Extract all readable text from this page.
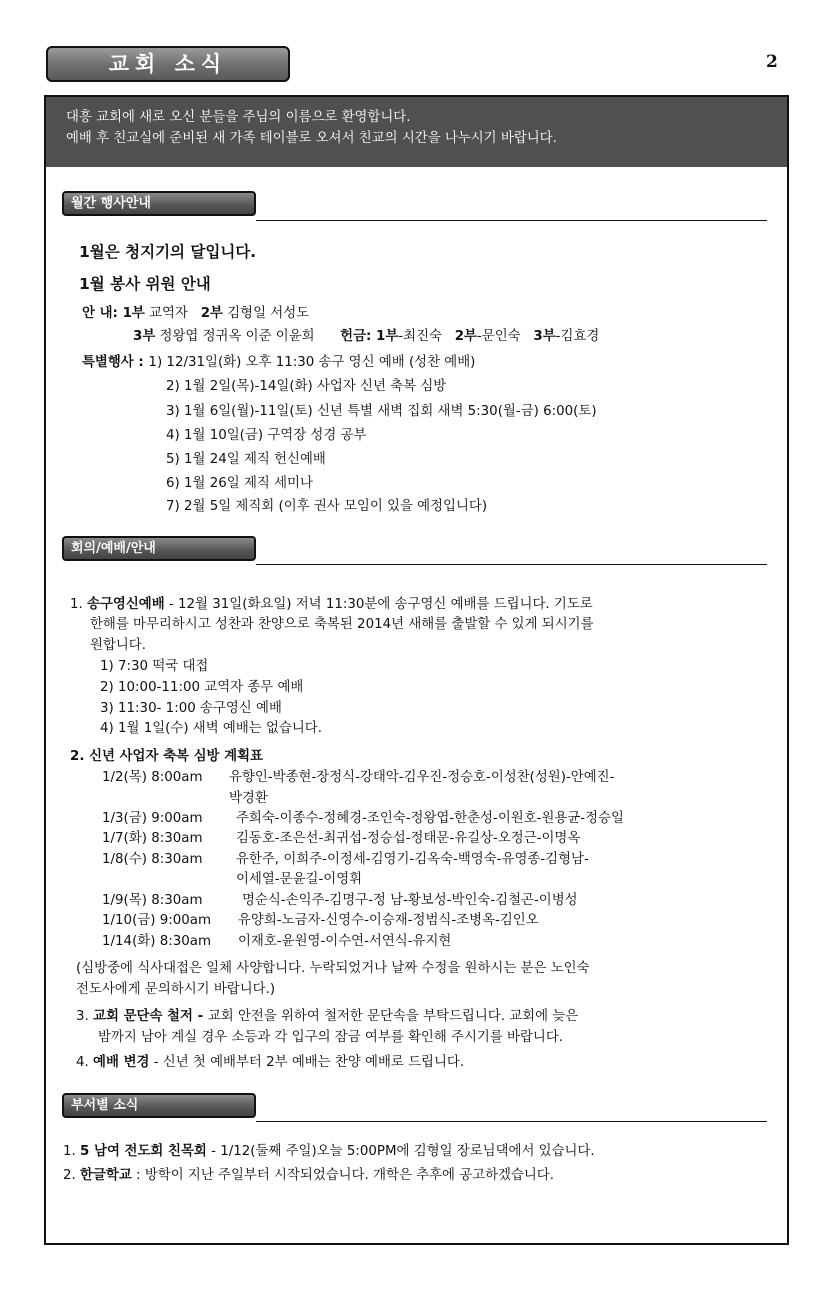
교회 소식	2
대흥 교회에 새로 오신 분들을 주님의 이름으로 환영합니다.
예배 후 친교실에 준비된 새 가족 테이블로 오셔서 친교의 시간을 나누시기 바랍니다.
월간 행사안내
1월은 청지기의 달입니다.
1월 봉사 위원 안내
안 내: 1부 교역자 2부 김형일 서성도
3부 정왕엽 정귀옥 이준 이윤희 헌금: 1부-최진숙 2부-문인숙 3부-김효경
특별행사 : 1) 12/31일(화) 오후 11:30 송구 영신 예배 (성찬 예배)
2) 1월 2일(목)-14일(화) 사업자 신년 축복 심방
3) 1월 6일(월)-11일(토) 신년 특별 새벽 집회 새벽 5:30(월-금) 6:00(토)
4) 1월 10일(금) 구역장 성경 공부
5) 1월 24일 제직 헌신예배
6) 1월 26일 제직 세미나
7) 2월 5일 제직회 (이후 권사 모임이 있을 예정입니다)
회의/예배/안내
1. 송구영신예배 - 12월 31일(화요일) 저녁 11:30분에 송구영신 예배를 드립니다. 기도로
한해를 마무리하시고 성찬과 찬양으로 축복된 2014년 새해를 출발할 수 있게 되시기를
원합니다.
1) 7:30 떡국 대접
2) 10:00-11:00 교역자 종무 예배
3) 11:30- 1:00 송구영신 예배
4) 1월 1일(수) 새벽 예배는 없습니다.
2. 신년 사업자 축복 심방 계획표
1/2(목) 8:00am 유향인-박종현-장정식-강태악-김우진-정승호-이성찬(성원)-안예진-
박경환
1/3(금) 9:00am 주희숙-이종수-정혜경-조인숙-정왕엽-한춘성-이원호-원용균-정승일
1/7(화) 8:30am 김동호-조은선-최귀섭-정승섭-정태문-유길상-오정근-이명옥
1/8(수) 8:30am 유한주, 이희주-이정세-김영기-김옥숙-백영숙-유영종-김형남-
이세열-문윤길-이영휘
1/9(목) 8:30am	명순식-손익주-김명구-정 남-황보성-박인숙-김철곤-이병성
1/10(금) 9:00am 유양희-노금자-신영수-이승재-정범식-조병옥-김인오
1/14(화) 8:30am 이재호-윤원영-이수연-서연식-유지현
(심방중에 식사대접은 일체 사양합니다. 누락되었거나 날짜 수정을 원하시는 분은 노인숙
전도사에게 문의하시기 바랍니다.)
3. 교회 문단속 철저 - 교회 안전을 위하여 철저한 문단속을 부탁드립니다. 교회에 늦은
밤까지 남아 계실 경우 소등과 각 입구의 잠금 여부를 확인해 주시기를 바랍니다.
4. 예배 변경 - 신년 첫 예배부터 2부 예배는 찬양 예배로 드립니다.
부서별 소식
1. 5 남여 전도회 친목회 - 1/12(둘째 주일)오늘 5:00PM에 김형일 장로님댁에서 있습니다.
2. 한글학교 : 방학이 지난 주일부터 시작되었습니다. 개학은 추후에 공고하겠습니다.
